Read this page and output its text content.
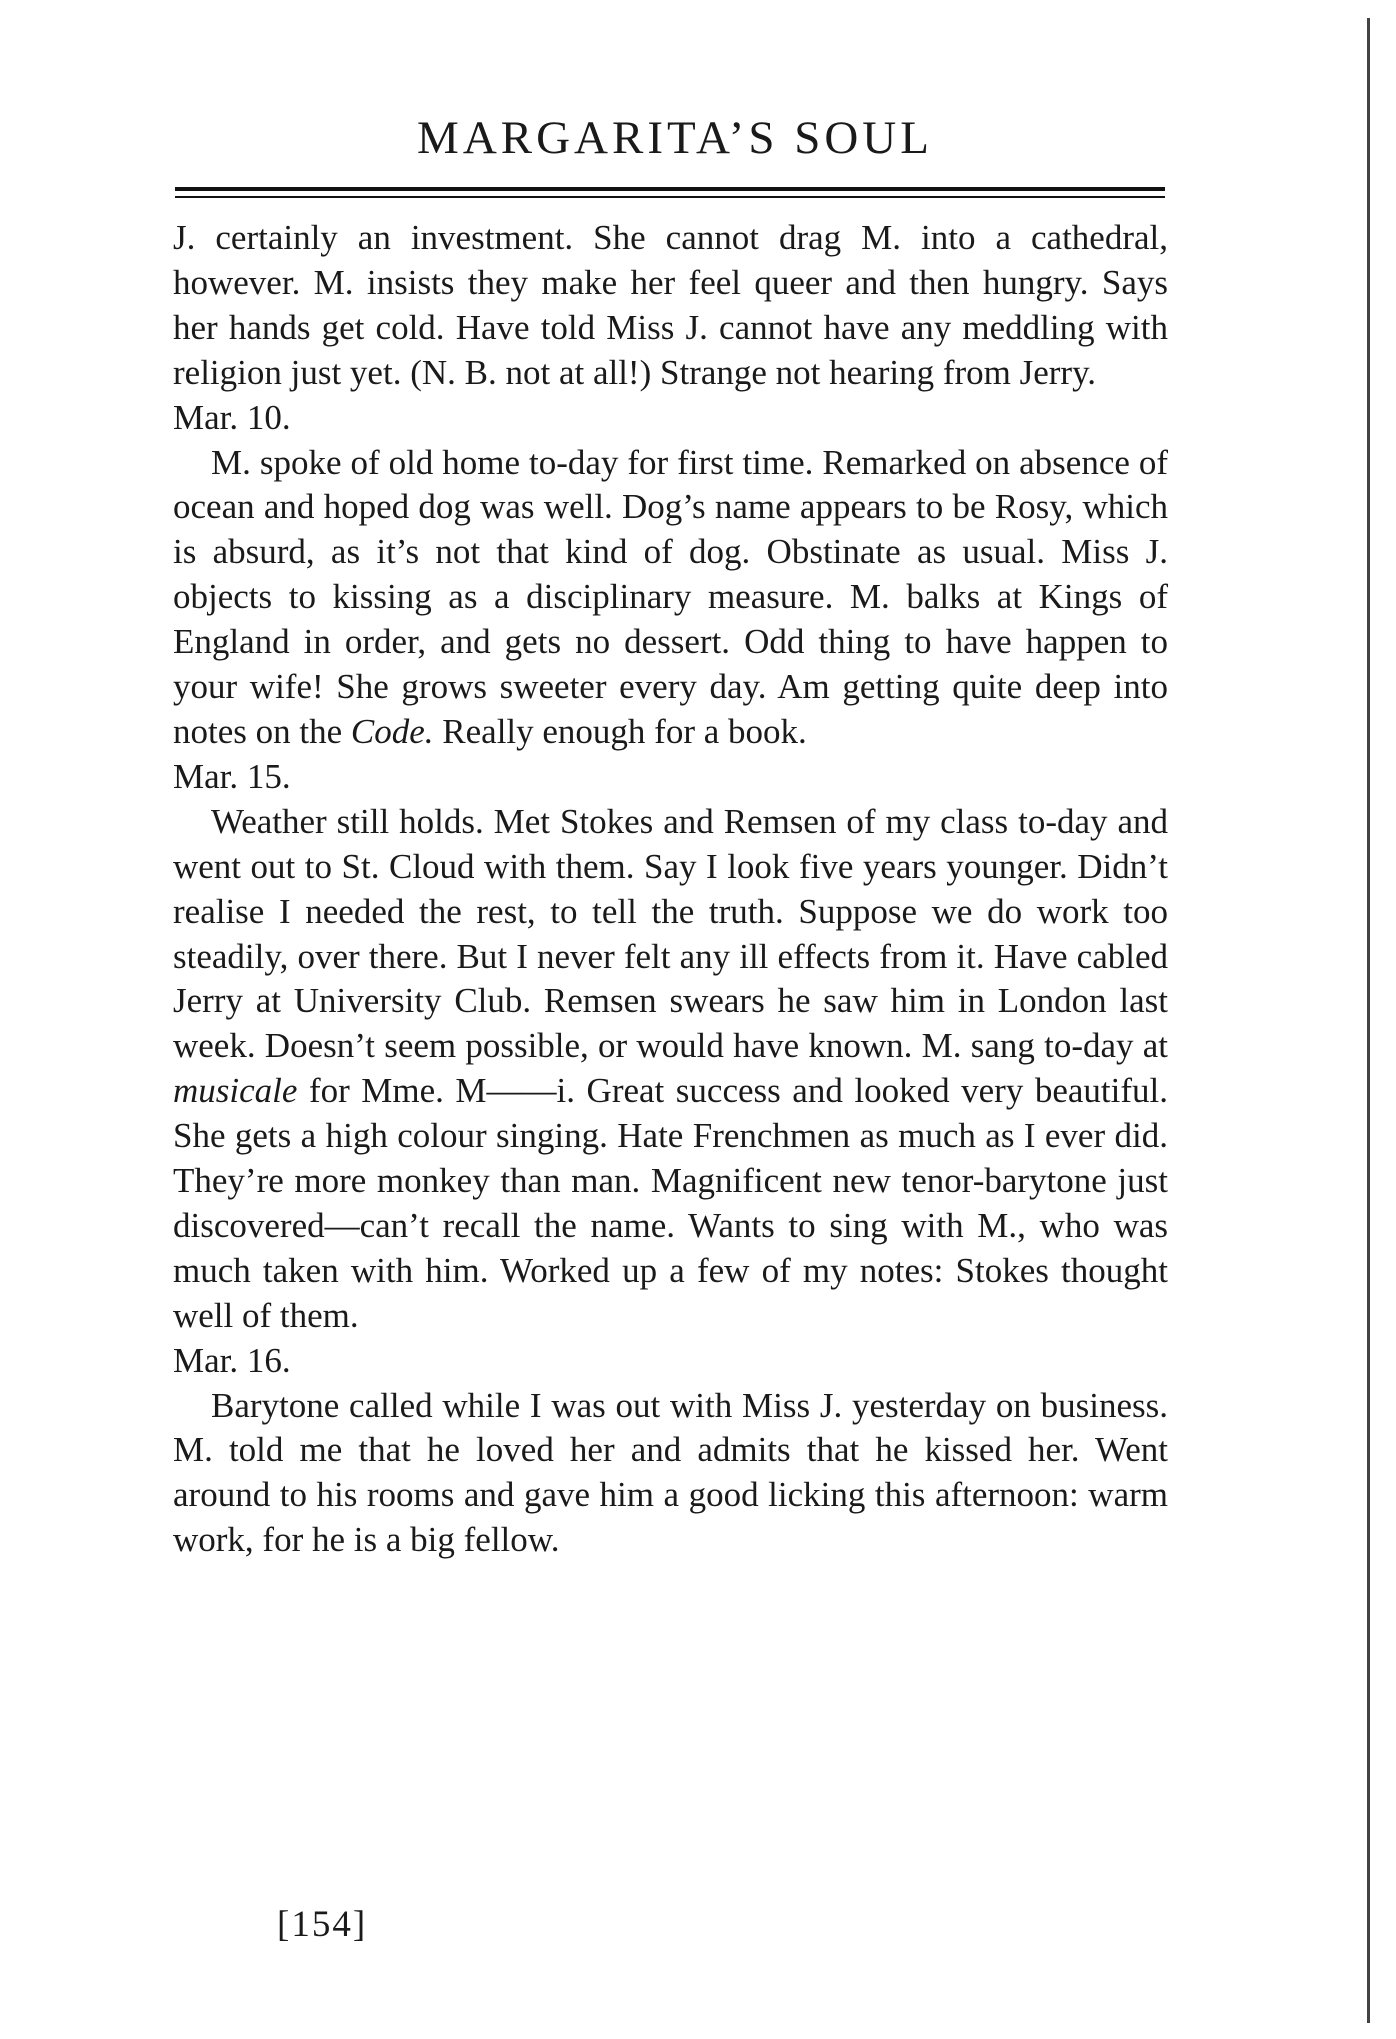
MARGARITA’S SOUL

J. certainly an investment. She cannot drag M. into a cathedral, however. M. insists they make her feel queer and then hungry. Says her hands get cold. Have told Miss J. cannot have any meddling with religion just yet. (N. B. not at all!) Strange not hearing from Jerry.

Mar. 10.

M. spoke of old home to-day for first time. Remarked on absence of ocean and hoped dog was well. Dog’s name appears to be Rosy, which is absurd, as it’s not that kind of dog. Obstinate as usual. Miss J. objects to kissing as a disciplinary measure. M. balks at Kings of England in order, and gets no dessert. Odd thing to have happen to your wife! She grows sweeter every day. Am getting quite deep into notes on the Code. Really enough for a book.

Mar. 15.

Weather still holds. Met Stokes and Remsen of my class to-day and went out to St. Cloud with them. Say I look five years younger. Didn’t realise I needed the rest, to tell the truth. Suppose we do work too steadily, over there. But I never felt any ill effects from it. Have cabled Jerry at University Club. Remsen swears he saw him in London last week. Doesn’t seem possible, or would have known. M. sang to-day at musicale for Mme. M——i. Great success and looked very beautiful. She gets a high colour singing. Hate Frenchmen as much as I ever did. They’re more monkey than man. Magnificent new tenor-barytone just discovered—can’t recall the name. Wants to sing with M., who was much taken with him. Worked up a few of my notes: Stokes thought well of them.

Mar. 16.

Barytone called while I was out with Miss J. yesterday on business. M. told me that he loved her and admits that he kissed her. Went around to his rooms and gave him a good licking this afternoon: warm work, for he is a big fellow.

[154]
